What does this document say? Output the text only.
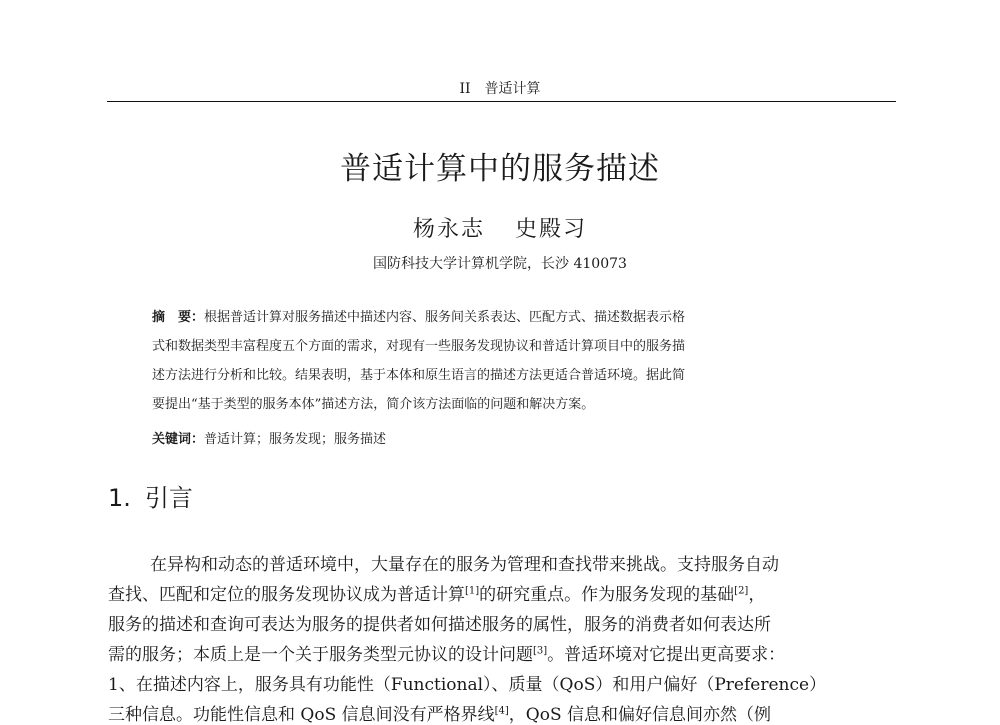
II　普适计算
普适计算中的服务描述
杨永志 史殿习
国防科技大学计算机学院，长沙 410073
摘　要：根据普适计算对服务描述中描述内容、服务间关系表达、匹配方式、描述数据表示格
式和数据类型丰富程度五个方面的需求，对现有一些服务发现协议和普适计算项目中的服务描
述方法进行分析和比较。结果表明，基于本体和原生语言的描述方法更适合普适环境。据此简
要提出“基于类型的服务本体”描述方法，简介该方法面临的问题和解决方案。
关键词：普适计算；服务发现；服务描述
1. 引言
在异构和动态的普适环境中，大量存在的服务为管理和查找带来挑战。支持服务自动
查找、匹配和定位的服务发现协议成为普适计算[1]的研究重点。作为服务发现的基础[2]，
服务的描述和查询可表达为服务的提供者如何描述服务的属性，服务的消费者如何表达所
需的服务；本质上是一个关于服务类型元协议的设计问题[3]。普适环境对它提出更高要求：
1、在描述内容上，服务具有功能性（Functional）、质量（QoS）和用户偏好（Preference）
三种信息。功能性信息和 QoS 信息间没有严格界线[4]，QoS 信息和偏好信息间亦然（例
